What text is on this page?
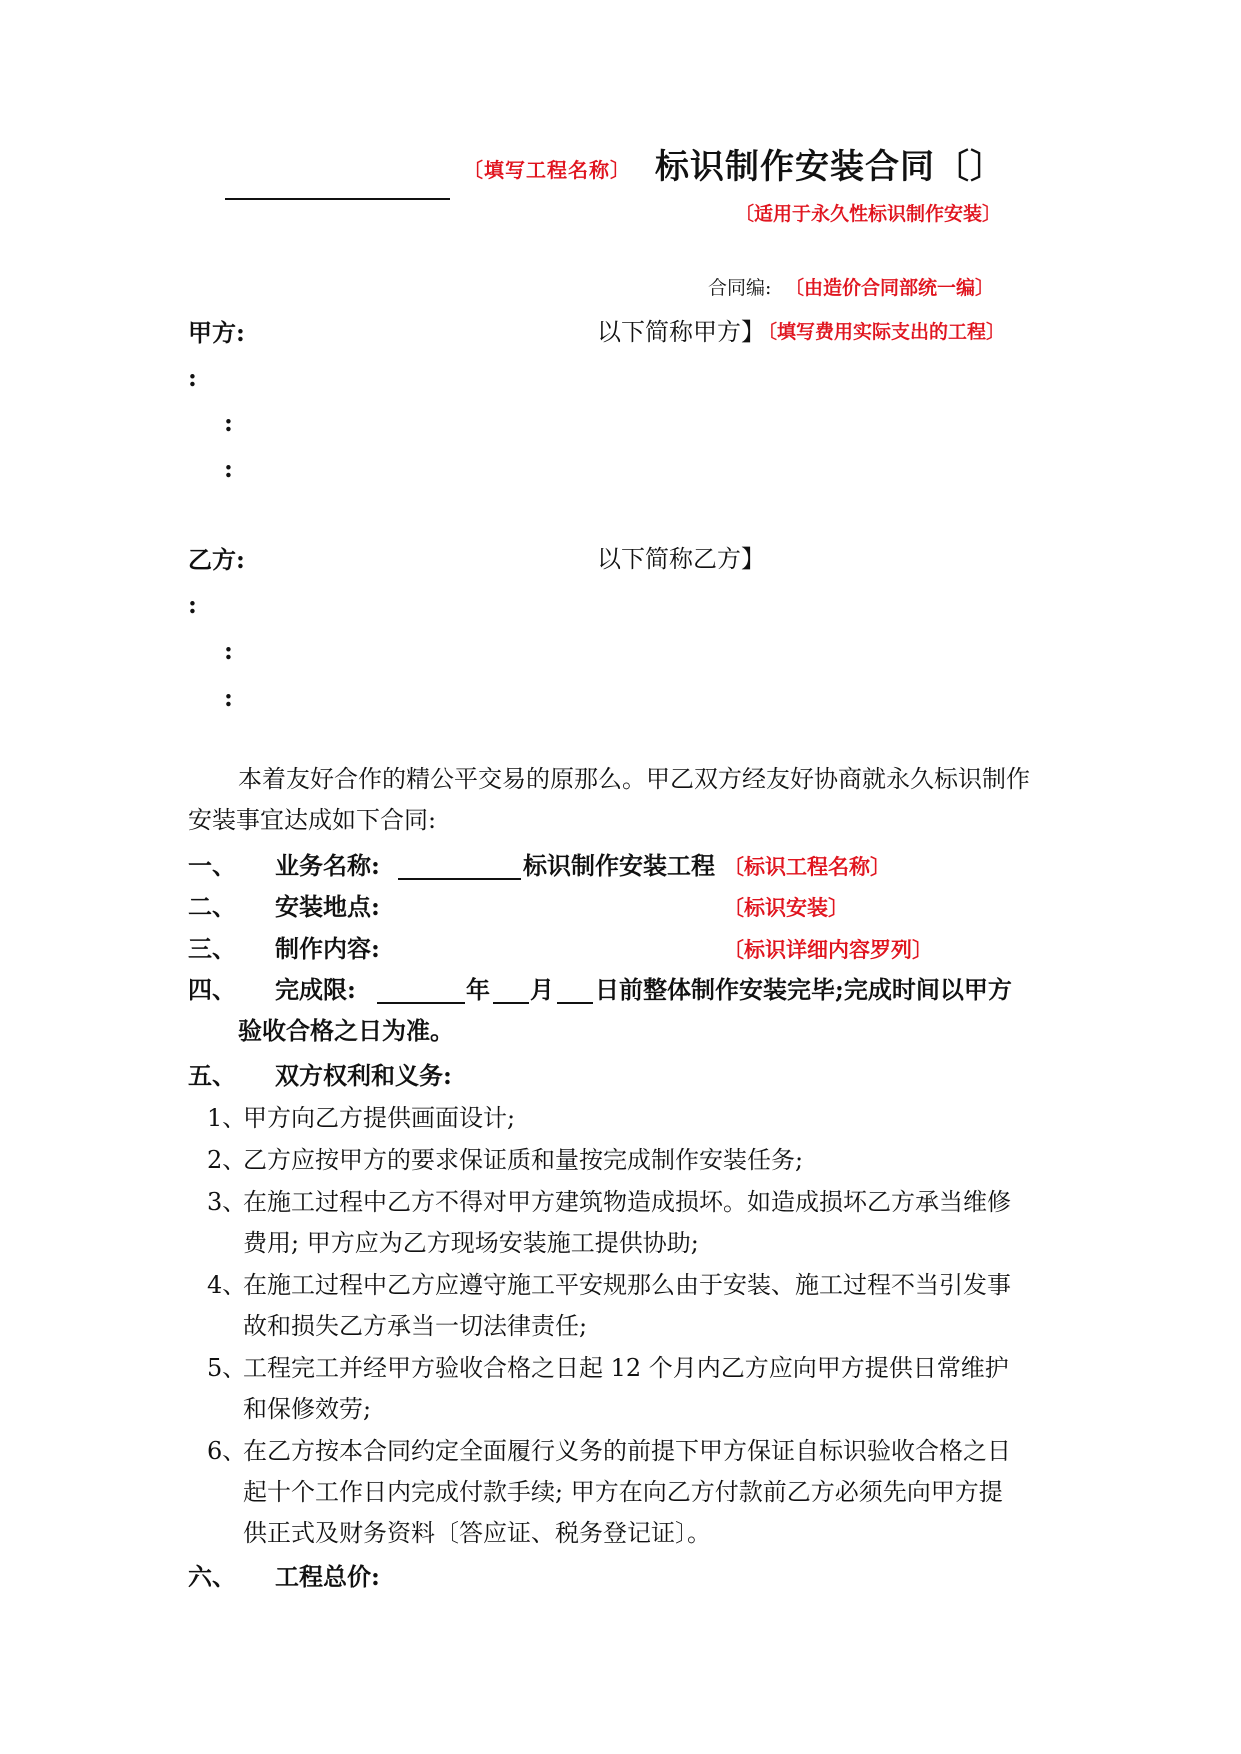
〔填写工程名称〕 标识制作安装合同〔〕
〔适用于永久性标识制作安装〕
合同编: 〔由造价合同部统一编〕
甲方:	以下简称甲方】
〔填写费用实际支出的工程〕
:
:
:
乙方:	以下简称乙方】
:
:
:
本着友好合作的精公平交易的原那么。甲乙双方经友好协商就永久标识制作
安装事宜达成如下合同:
一、 业务名称:	标识制作安装工程 〔标识工程名称〕
二、 安装地点:	〔标识安装〕
三、 制作内容:	〔标识详细内容罗列〕
四、 完成限:	年 月 日前整体制作安装完毕;完成时间以甲方
验收合格之日为准。
五、 双方权利和义务:
1、
甲方向乙方提供画面设计;
2、
乙方应按甲方的要求保证质和量按完成制作安装任务;
3、
在施工过程中乙方不得对甲方建筑物造成损坏。如造成损坏乙方承当维修
费用; 甲方应为乙方现场安装施工提供协助;
4、
在施工过程中乙方应遵守施工平安规那么由于安装、施工过程不当引发事
故和损失乙方承当一切法律责任;
5、
工程完工并经甲方验收合格之日起 12 个月内乙方应向甲方提供日常维护
和保修效劳;
6、
在乙方按本合同约定全面履行义务的前提下甲方保证自标识验收合格之日
起十个工作日内完成付款手续; 甲方在向乙方付款前乙方必须先向甲方提
供正式及财务资料〔答应证、税务登记证〕。
六、 工程总价:
